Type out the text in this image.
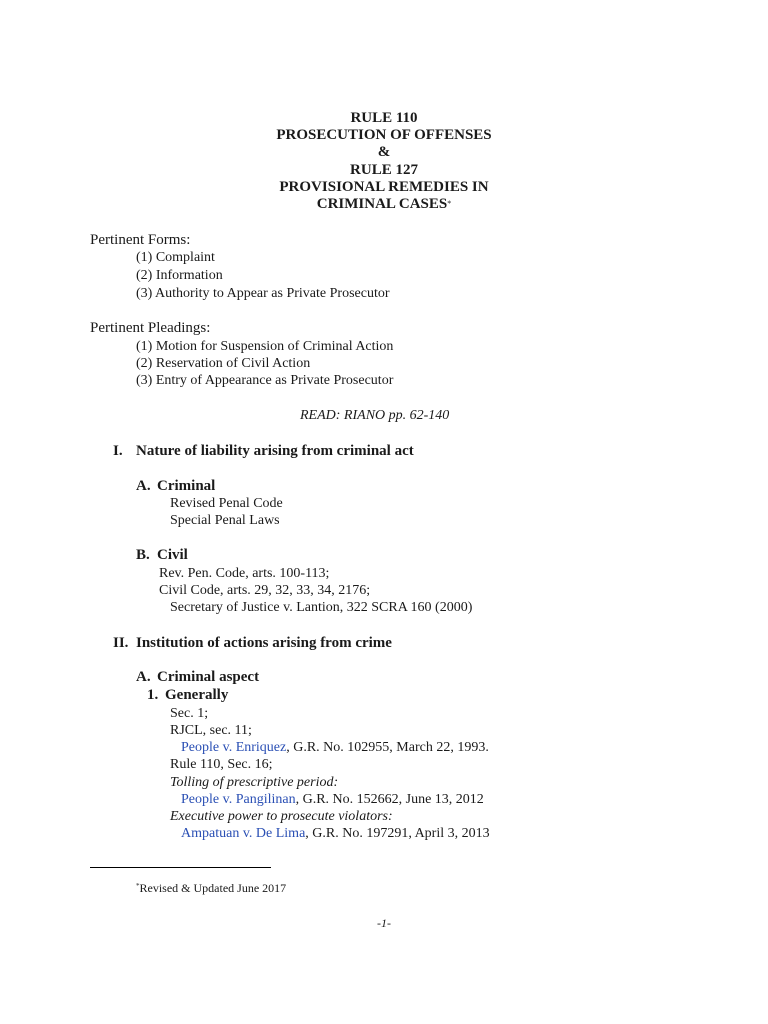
RULE 110
PROSECUTION OF OFFENSES
&
RULE 127
PROVISIONAL REMEDIES IN
CRIMINAL CASES*
Pertinent Forms:
(1) Complaint
(2) Information
(3) Authority to Appear as Private Prosecutor
Pertinent Pleadings:
(1) Motion for Suspension of Criminal Action
(2) Reservation of Civil Action
(3) Entry of Appearance as Private Prosecutor
READ: RIANO pp. 62-140
I. Nature of liability arising from criminal act
A. Criminal
Revised Penal Code
Special Penal Laws
B. Civil
Rev. Pen. Code, arts. 100-113;
Civil Code, arts. 29, 32, 33, 34, 2176;
Secretary of Justice v. Lantion, 322 SCRA 160 (2000)
II. Institution of actions arising from crime
A. Criminal aspect
1. Generally
Sec. 1;
RJCL, sec. 11;
People v. Enriquez, G.R. No. 102955, March 22, 1993.
Rule 110, Sec. 16;
Tolling of prescriptive period:
People v. Pangilinan, G.R. No. 152662, June 13, 2012
Executive power to prosecute violators:
Ampatuan v. De Lima, G.R. No. 197291, April 3, 2013
*Revised & Updated June 2017
-1-
